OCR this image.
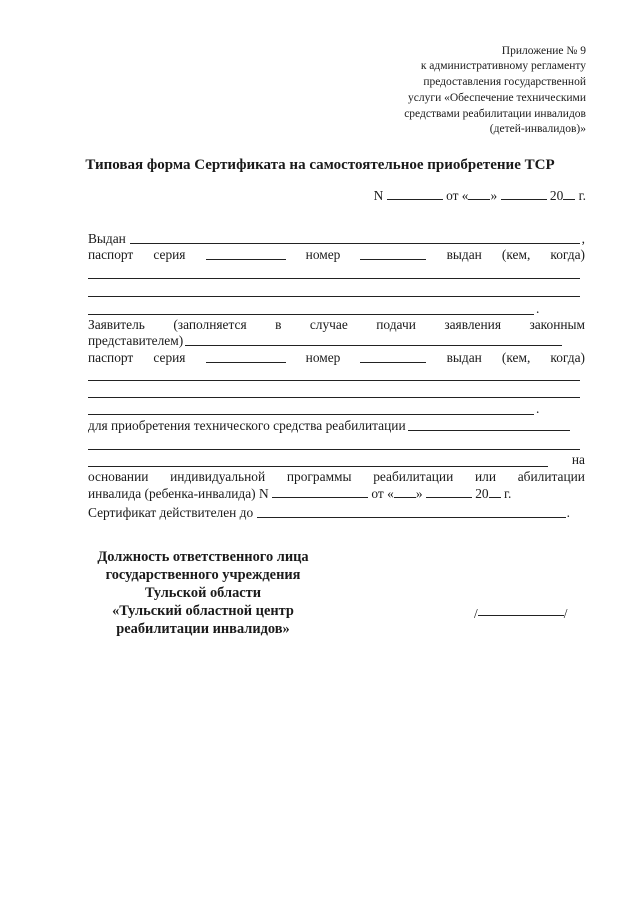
Приложение № 9
к административному регламенту
предоставления государственной
услуги «Обеспечение техническими
средствами реабилитации инвалидов
(детей-инвалидов)»
Типовая форма Сертификата на самостоятельное приобретение ТСР
N	от « »	20 г.
Выдан	,
паспорт серия	номер	выдан (кем, когда)
.
Заявитель (заполняется в случае подачи заявления законным
представителем)
паспорт серия	номер	выдан (кем, когда)
.
для приобретения технического средства реабилитации
на
основании индивидуальной программы реабилитации или абилитации
инвалида (ребенка-инвалида) N	от « »	20 г.
Сертификат действителен до	.
Должность ответственного лица
государственного учреждения
Тульской области
«Тульский областной центр
реабилитации инвалидов»
/	/
